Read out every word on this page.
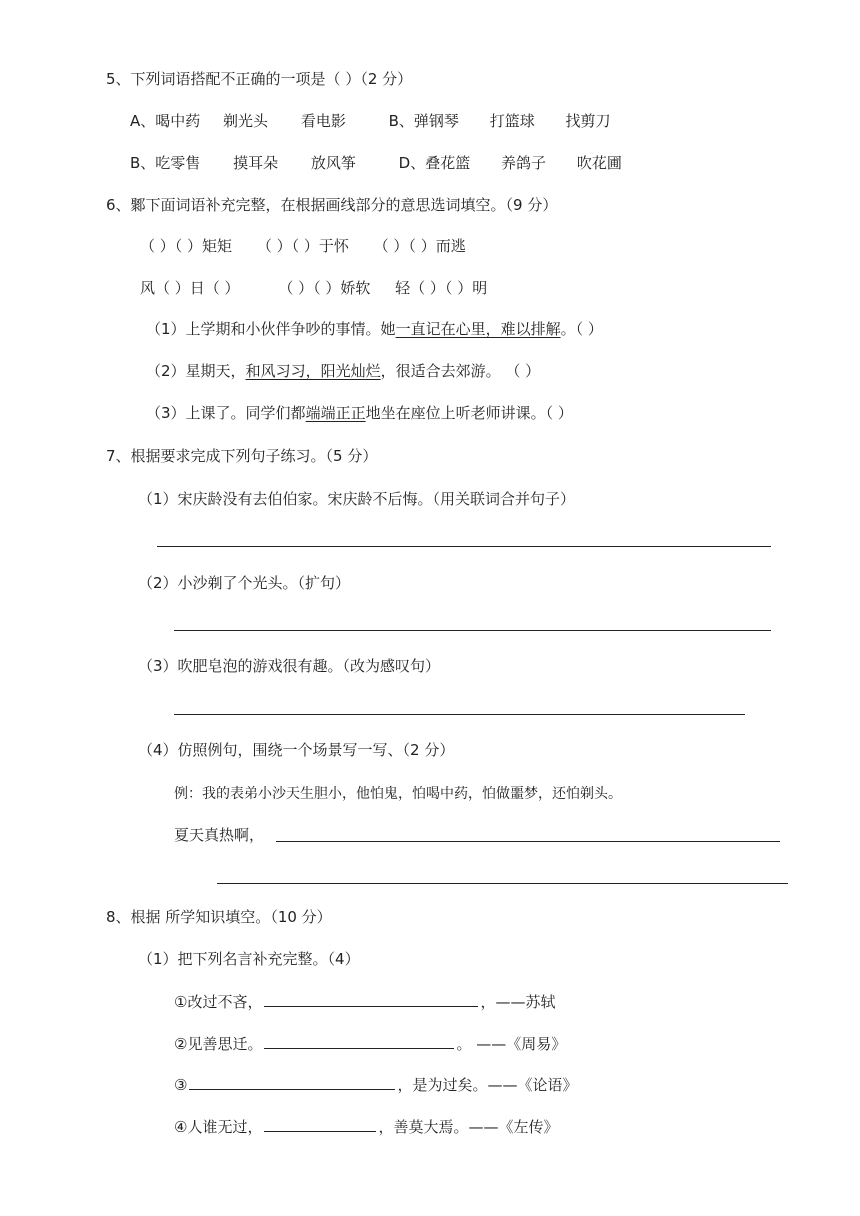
5、下列词语搭配不正确的一项是（ ）（2 分）
A、喝中药 剃光头 看电影	B、弹钢琴 打篮球 找剪刀
B、吃零售 摸耳朵 放风筝	D、叠花篮 养鸽子 吹花圃
6、鄹下面词语补充完整，在根据画线部分的意思选词填空。（9 分）
（ ）（ ）矩矩 （ ）（ ）于怀 （ ）（ ）而逃
风（ ）日（ ）	（ ）（ ）娇软 轻（ ）（ ）明
（1）上学期和小伙伴争吵的事情。她一直记在心里，难以排解。（ ）
（2）星期天，和风习习，阳光灿烂，很适合去郊游。 （ ）
（3）上课了。同学们都端端正正地坐在座位上听老师讲课。（ ）
7、根据要求完成下列句子练习。（5 分）
（1）宋庆龄没有去伯伯家。宋庆龄不后悔。（用关联词合并句子）
（2）小沙剃了个光头。（扩句）
（3）吹肥皂泡的游戏很有趣。（改为感叹句）
（4）仿照例句，围绕一个场景写一写、（2 分）
例：我的表弟小沙天生胆小，他怕鬼，怕喝中药，怕做噩梦，还怕剃头。
夏天真热啊，
8、根据 所学知识填空。（10 分）
（1）把下列名言补充完整。（4）
①改过不吝，	，——苏轼
②见善思迁。	。 ——《周易》
③	，是为过矣。——《论语》
④人谁无过，	，善莫大焉。——《左传》
